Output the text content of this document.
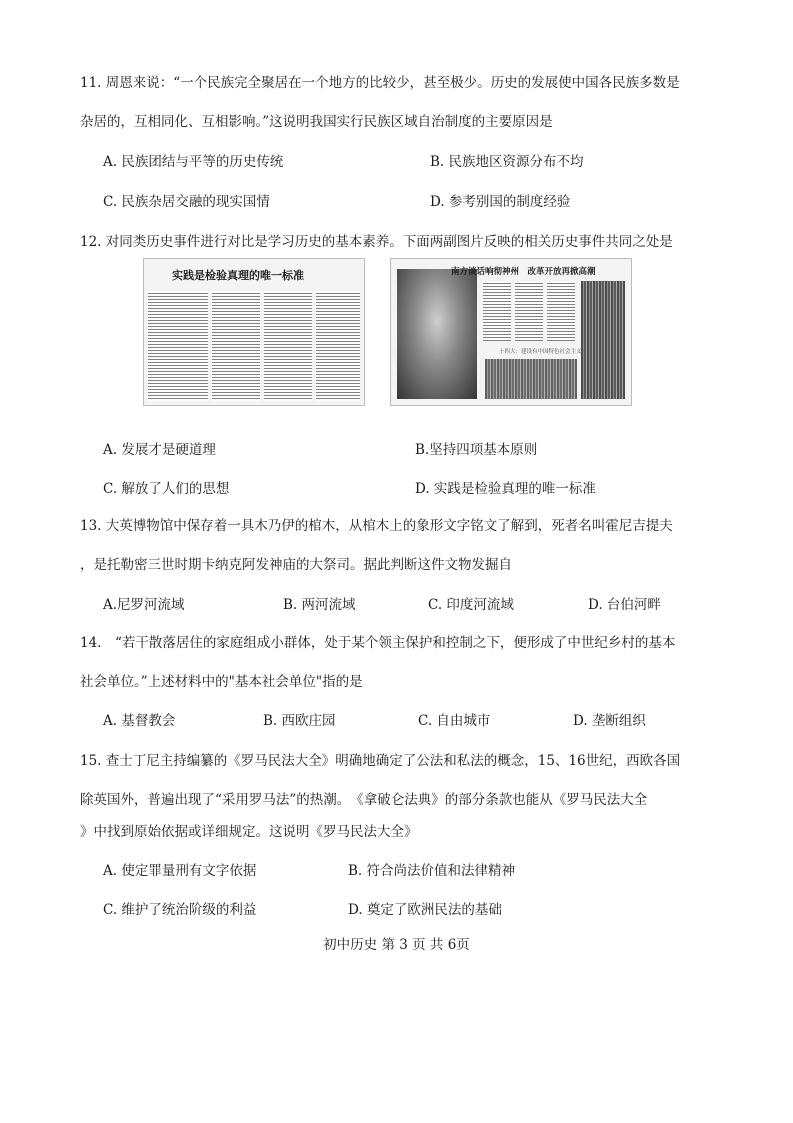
11. 周恩来说：“一个民族完全聚居在一个地方的比较少，甚至极少。历史的发展使中国各民族多数是
杂居的，互相同化、互相影响。”这说明我国实行民族区域自治制度的主要原因是
A. 民族团结与平等的历史传统	B. 民族地区资源分布不均
C. 民族杂居交融的现实国情	D. 参考别国的制度经验
12. 对同类历史事件进行对比是学习历史的基本素养。下面两副图片反映的相关历史事件共同之处是
实践是检验真理的唯一标准	南方谈话响彻神州　改革开放再掀高潮
十四大：建设有中国特色社会主义
A. 发展才是硬道理	B.坚持四项基本原则
C. 解放了人们的思想	D. 实践是检验真理的唯一标准
13. 大英博物馆中保存着一具木乃伊的棺木，从棺木上的象形文字铭文了解到，死者名叫霍尼吉提夫
，是托勒密三世时期卡纳克阿发神庙的大祭司。据此判断这件文物发掘自
A.尼罗河流域	B. 两河流域	C. 印度河流域	D. 台伯河畔
14.　“若干散落居住的家庭组成小群体，处于某个领主保护和控制之下，便形成了中世纪乡村的基本
社会单位。”上述材料中的"基本社会单位"指的是
A. 基督教会	B. 西欧庄园	C. 自由城市	D. 垄断组织
15. 查士丁尼主持编纂的《罗马民法大全》明确地确定了公法和私法的概念，15、16世纪，西欧各国
除英国外，普遍出现了“采用罗马法”的热潮。　《拿破仑法典》的部分条款也能从《罗马民法大全
》中找到原始依据或详细规定。这说明《罗马民法大全》
A. 使定罪量刑有文字依据	B. 符合尚法价值和法律精神
C. 维护了统治阶级的利益	D. 奠定了欧洲民法的基础
初中历史 第 3 页 共 6页
